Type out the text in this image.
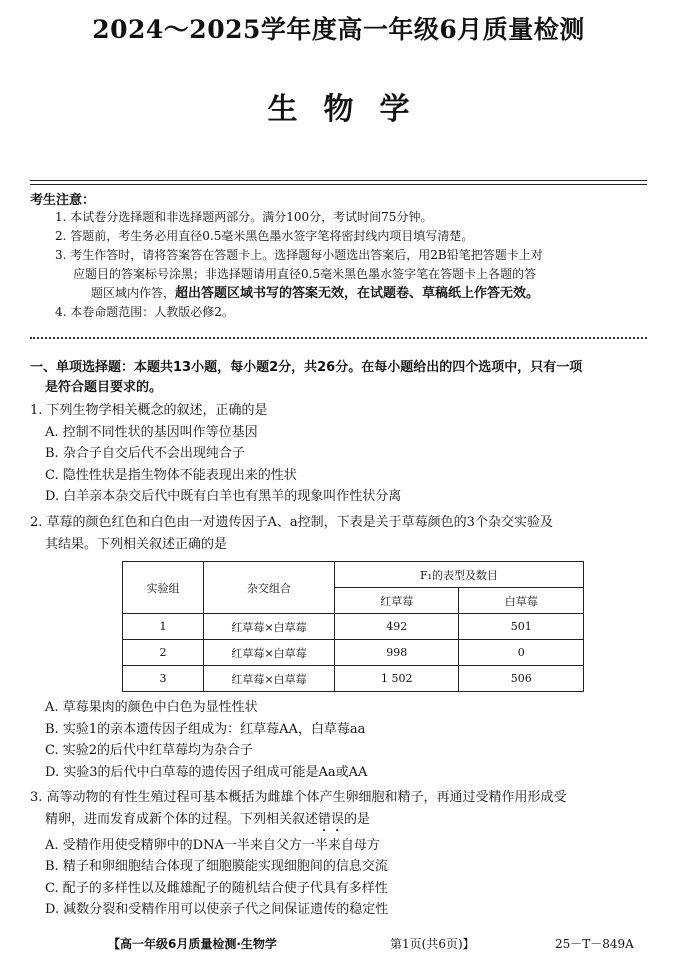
2024～2025学年度高一年级6月质量检测
生物学
考生注意：

1. 本试卷分选择题和非选择题两部分。满分100分，考试时间75分钟。

2. 答题前，考生务必用直径0.5毫米黑色墨水签字笔将密封线内项目填写清楚。

3. 考生作答时，请将答案答在答题卡上。选择题每小题选出答案后，用2B铅笔把答题卡上对

应题目的答案标号涂黑；非选择题请用直径0.5毫米黑色墨水签字笔在答题卡上各题的答

题区域内作答，超出答题区域书写的答案无效，在试题卷、草稿纸上作答无效。

4. 本卷命题范围：人教版必修2。

一、单项选择题：本题共13小题，每小题2分，共26分。在每小题给出的四个选项中，只有一项
是符合题目要求的。
1. 下列生物学相关概念的叙述，正确的是
A. 控制不同性状的基因叫作等位基因
B. 杂合子自交后代不会出现纯合子
C. 隐性性状是指生物体不能表现出来的性状
D. 白羊亲本杂交后代中既有白羊也有黑羊的现象叫作性状分离
2. 草莓的颜色红色和白色由一对遗传因子A、a控制，下表是关于草莓颜色的3个杂交实验及
其结果。下列相关叙述正确的是
实验组	杂交组合	F₁的表型及数目	
		红草莓	白草莓
1	红草莓×白草莓	492	501
2	红草莓×白草莓	998	0
3	红草莓×白草莓	1 502	506
A. 草莓果肉的颜色中白色为显性性状
B. 实验1的亲本遗传因子组成为：红草莓AA，白草莓aa
C. 实验2的后代中红草莓均为杂合子
D. 实验3的后代中白草莓的遗传因子组成可能是Aa或AA
3. 高等动物的有性生殖过程可基本概括为雌雄个体产生卵细胞和精子，再通过受精作用形成受
精卵，进而发育成新个体的过程。下列相关叙述错误的是
A. 受精作用使受精卵中的DNA一半来自父方一半来自母方
B. 精子和卵细胞结合体现了细胞膜能实现细胞间的信息交流
C. 配子的多样性以及雌雄配子的随机结合使子代具有多样性
D. 减数分裂和受精作用可以使亲子代之间保证遗传的稳定性
【高一年级6月质量检测·生物学	第1页(共6页)】	25－T－849A
